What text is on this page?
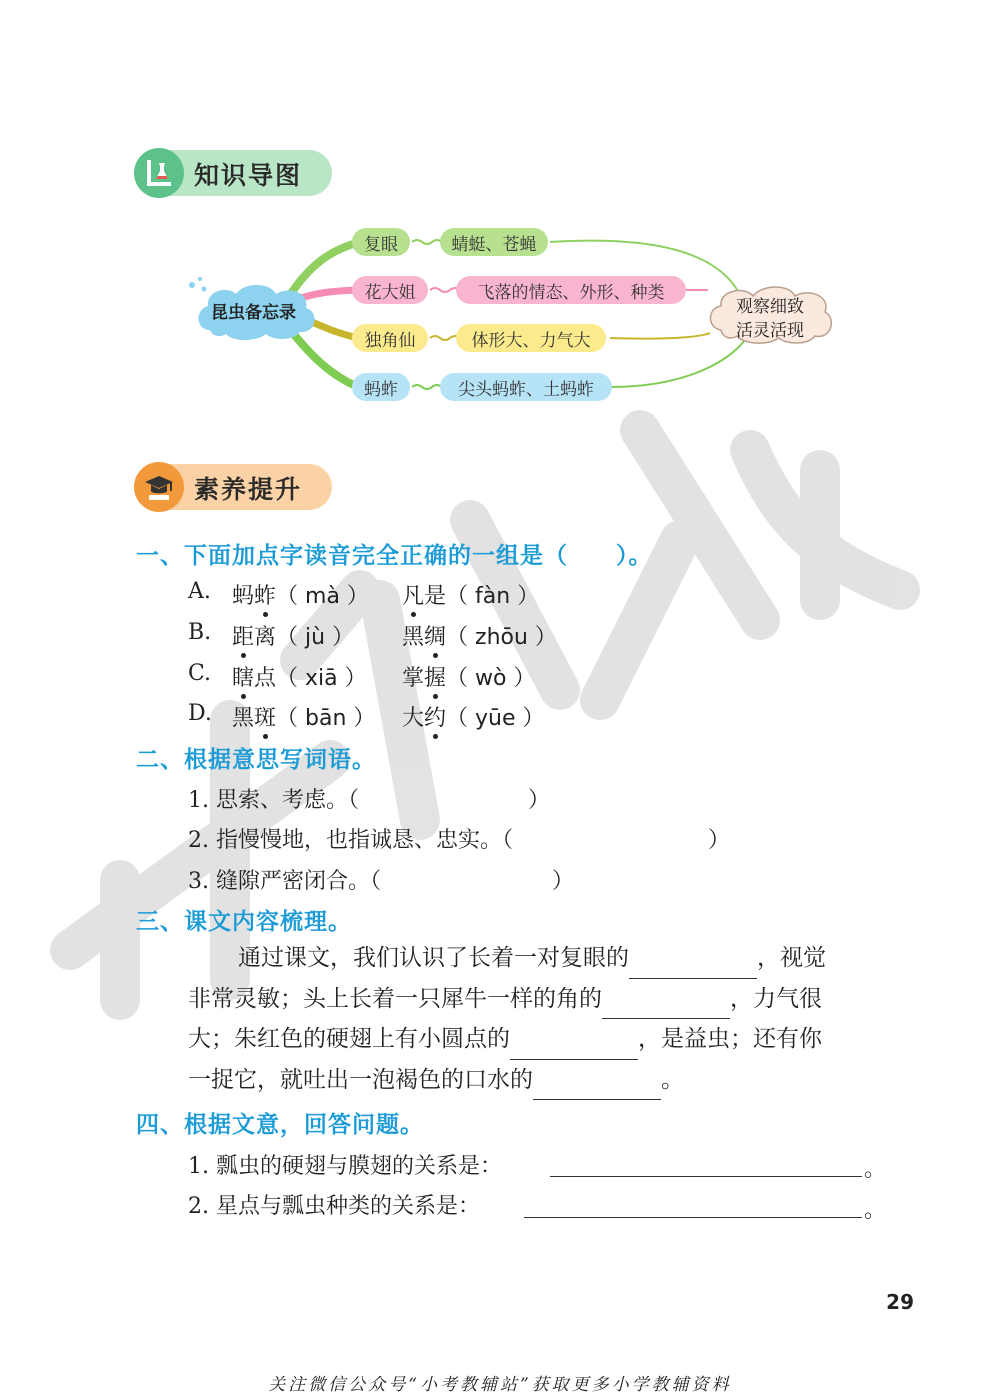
知识导图
昆虫备忘录
复眼	蜻蜓、苍蝇
花大姐	飞落的情态、外形、种类
独角仙	体形大、力气大
蚂蚱	尖头蚂蚱、土蚂蚱
观察细致
活灵活现
素养提升
一、下面加点字读音完全正确的一组是（　　）。
A. 蚂蚱（ mà ） 凡是（ fàn ）
B. 距离（ jù ） 黑绸（ zhōu ）
C. 瞎点（ xiā ） 掌握（ wò ）
D. 黑斑（ bān ） 大约（ yūe ）
二、根据意思写词语。
1. 思索、考虑。（	）
2. 指慢慢地，也指诚恳、忠实。（	）
3. 缝隙严密闭合。（	）
三、课文内容梳理。
通过课文，我们认识了长着一对复眼的	，视觉
非常灵敏；头上长着一只犀牛一样的角的	，力气很
大；朱红色的硬翅上有小圆点的	，是益虫；还有你
一捉它，就吐出一泡褐色的口水的	。
四、根据文意，回答问题。
1. 瓢虫的硬翅与膜翅的关系是：	。
2. 星点与瓢虫种类的关系是：	。
29
关注微信公众号“小考教辅站”获取更多小学教辅资料
